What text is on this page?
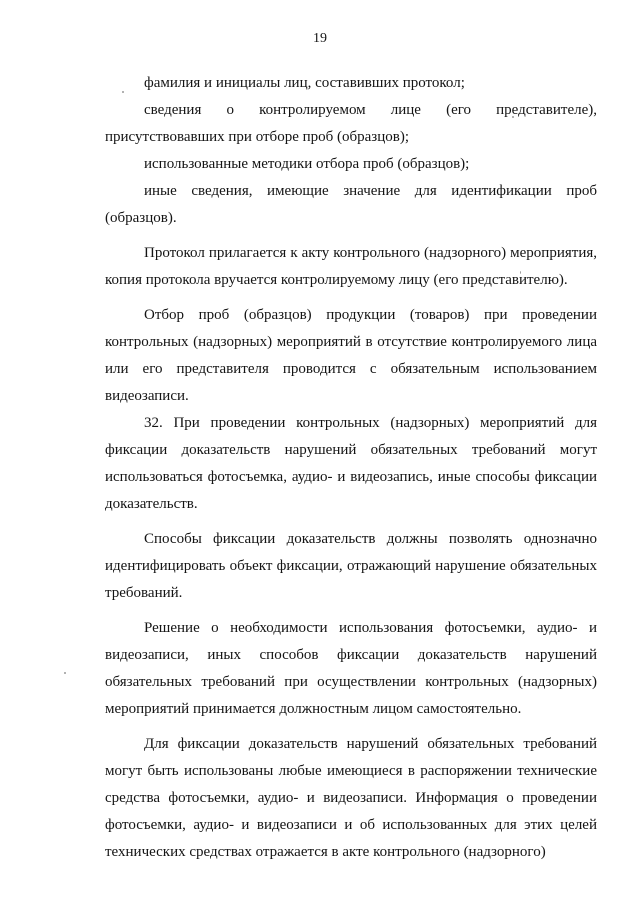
19

фамилия и инициалы лиц, составивших протокол;

сведения о контролируемом лице (его представителе), присутствовавших при отборе проб (образцов);

использованные методики отбора проб (образцов);

иные сведения, имеющие значение для идентификации проб (образцов).

Протокол прилагается к акту контрольного (надзорного) мероприятия, копия протокола вручается контролируемому лицу (его представителю).

Отбор проб (образцов) продукции (товаров) при проведении контрольных (надзорных) мероприятий в отсутствие контролируемого лица или его представителя проводится с обязательным использованием видеозаписи.

32. При проведении контрольных (надзорных) мероприятий для фиксации доказательств нарушений обязательных требований могут использоваться фотосъемка, аудио- и видеозапись, иные способы фиксации доказательств.

Способы фиксации доказательств должны позволять однозначно идентифицировать объект фиксации, отражающий нарушение обязательных требований.

Решение о необходимости использования фотосъемки, аудио- и видеозаписи, иных способов фиксации доказательств нарушений обязательных требований при осуществлении контрольных (надзорных) мероприятий принимается должностным лицом самостоятельно.

Для фиксации доказательств нарушений обязательных требований могут быть использованы любые имеющиеся в распоряжении технические средства фотосъемки, аудио- и видеозаписи. Информация о проведении фотосъемки, аудио- и видеозаписи и об использованных для этих целей технических средствах отражается в акте контрольного (надзорного)
